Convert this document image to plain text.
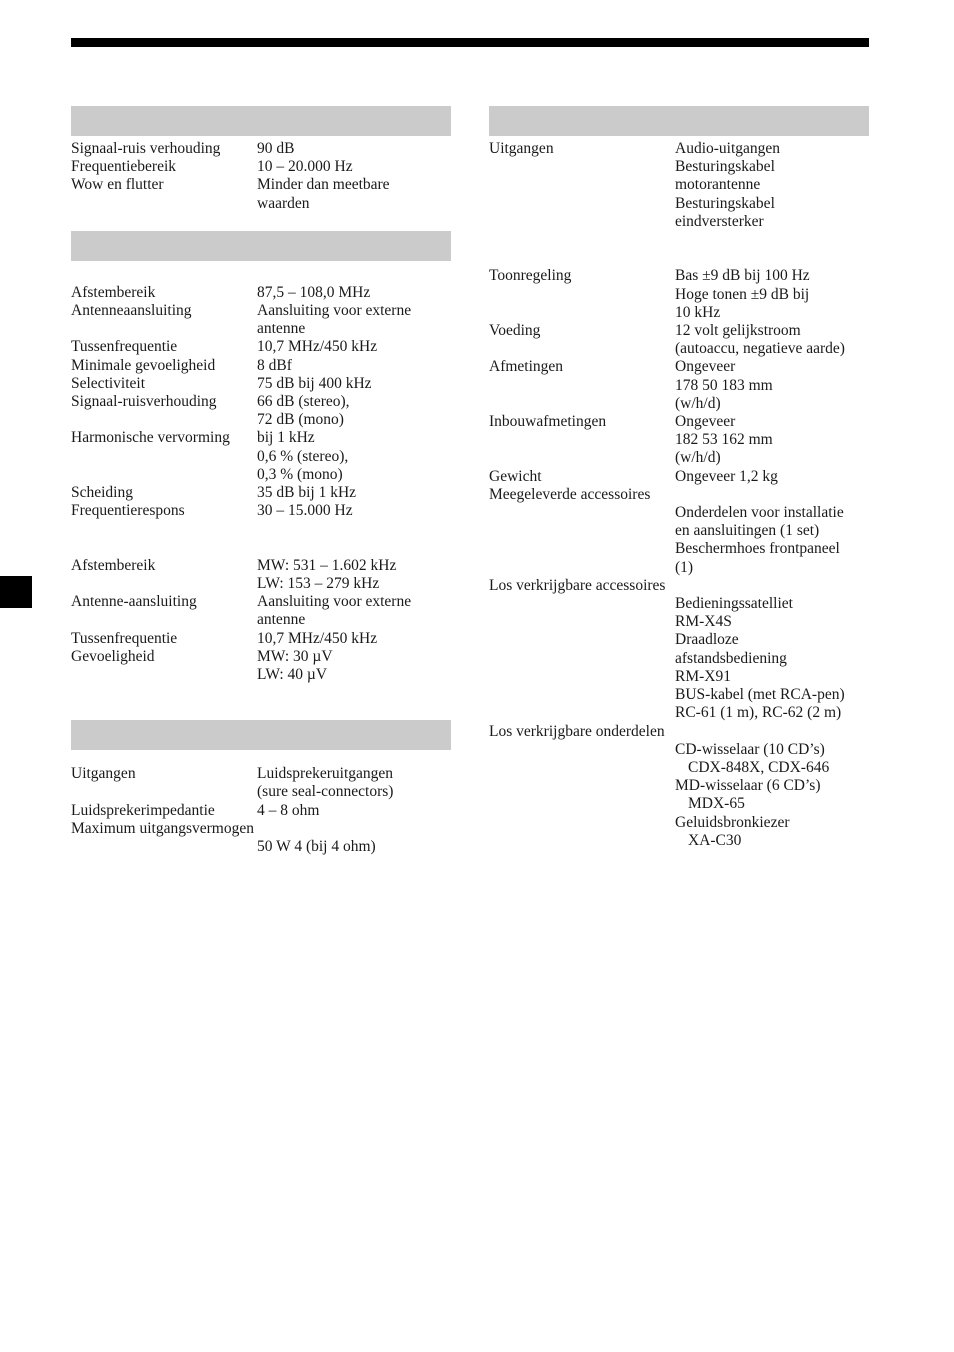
Signaal-ruis verhouding 90 dB
Frequentiebereik	10 – 20.000 Hz
Wow en flutter	Minder dan meetbare
waarden
Afstembereik	87,5 – 108,0 MHz
Antenneaansluiting	Aansluiting voor externe
antenne
Tussenfrequentie	10,7 MHz/450 kHz
Minimale gevoeligheid	8 dBf
Selectiviteit	75 dB bij 400 kHz
Signaal-ruisverhouding	66 dB (stereo),
72 dB (mono)
Harmonische vervorming bij 1 kHz
0,6 % (stereo),
0,3 % (mono)
Scheiding	35 dB bij 1 kHz
Frequentierespons	30 – 15.000 Hz

Afstembereik	MW: 531 – 1.602 kHz
LW: 153 – 279 kHz
Antenne-aansluiting	Aansluiting voor externe
antenne
Tussenfrequentie	10,7 MHz/450 kHz
Gevoeligheid	MW: 30 µV
LW: 40 µV
Uitgangen	Luidsprekeruitgangen
(sure seal-connectors)
Luidsprekerimpedantie	4 – 8 ohm
Maximum uitgangsvermogen

50 W 4 (bij 4 ohm)
Uitgangen	Audio-uitgangen
Besturingskabel
motorantenne
Besturingskabel
eindversterker

Toonregeling	Bas ±9 dB bij 100 Hz
Hoge tonen ±9 dB bij
10 kHz
Voeding	12 volt gelijkstroom
(autoaccu, negatieve aarde)
Afmetingen	Ongeveer
178 50 183 mm
(w/h/d)
Inbouwafmetingen	Ongeveer
182 53 162 mm
(w/h/d)
Gewicht	Ongeveer 1,2 kg
Meegeleverde accessoires

Onderdelen voor installatie
en aansluitingen (1 set)
Beschermhoes frontpaneel
(1)
Los verkrijgbare accessoires

Bedieningssatelliet
RM-X4S
Draadloze
afstandsbediening
RM-X91
BUS-kabel (met RCA-pen)
RC-61 (1 m), RC-62 (2 m)
Los verkrijgbare onderdelen

CD-wisselaar (10 CD’s)
CDX-848X, CDX-646
MD-wisselaar (6 CD’s)
MDX-65
Geluidsbronkiezer
XA-C30
